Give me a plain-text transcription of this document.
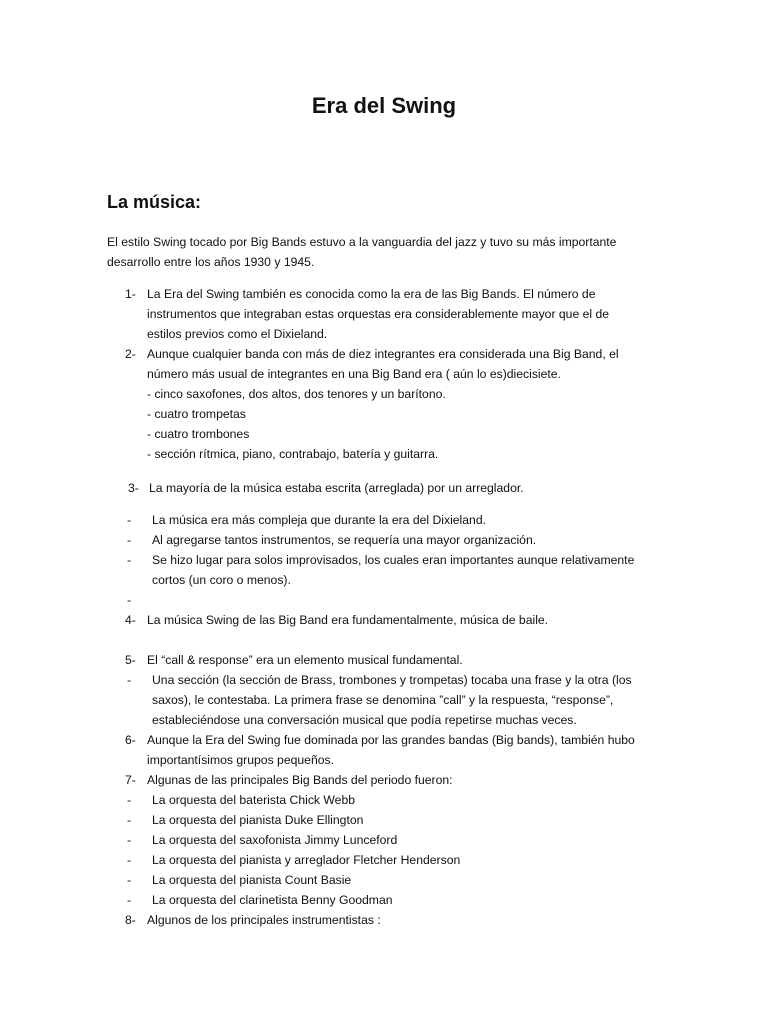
Era del Swing
La música:
El estilo Swing tocado por Big Bands estuvo a la vanguardia del jazz y tuvo su más importante
desarrollo entre los años 1930 y 1945.
1- La Era del Swing también es conocida como la era de las Big Bands. El número de
instrumentos que integraban estas orquestas era considerablemente mayor que el de
estilos previos como el Dixieland.
2- Aunque cualquier banda con más de diez integrantes era considerada una Big Band, el
número más usual de integrantes en una Big Band era ( aún lo es)diecisiete.
- cinco saxofones, dos altos, dos tenores y un barítono.
- cuatro trompetas
- cuatro trombones
- sección rítmica, piano, contrabajo, batería y guitarra.
3- La mayoría de la música estaba escrita (arreglada) por un arreglador.
- La música era más compleja que durante la era del Dixieland.
- Al agregarse tantos instrumentos, se requería una mayor organización.
- Se hizo lugar para solos improvisados, los cuales eran importantes aunque relativamente
cortos (un coro o menos).
-
4- La música Swing de las Big Band era fundamentalmente, música de baile.
5- El “call & response” era un elemento musical fundamental.
- Una sección (la sección de Brass, trombones y trompetas) tocaba una frase y la otra (los
saxos), le contestaba. La primera frase se denomina ”call” y la respuesta, “response”,
estableciéndose una conversación musical que podía repetirse muchas veces.
6- Aunque la Era del Swing fue dominada por las grandes bandas (Big bands), también hubo
importantísimos grupos pequeños.
7- Algunas de las principales Big Bands del periodo fueron:
- La orquesta del baterista Chick Webb
- La orquesta del pianista Duke Ellington
- La orquesta del saxofonista Jimmy Lunceford
- La orquesta del pianista y arreglador Fletcher Henderson
- La orquesta del pianista Count Basie
- La orquesta del clarinetista Benny Goodman
8- Algunos de los principales instrumentistas :
